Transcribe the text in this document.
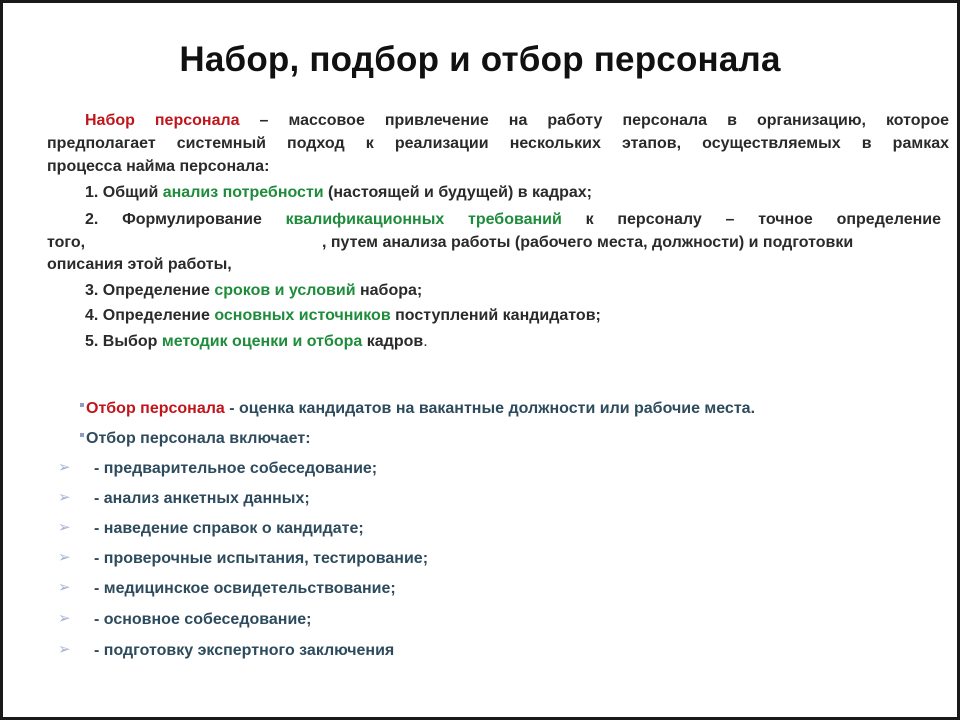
Набор, подбор и отбор персонала
Набор персонала – массовое привлечение на работу персонала в организацию, которое
предполагает системный подход к реализации нескольких этапов, осуществляемых в рамках
процесса найма персонала:
1. Общий анализ потребности (настоящей и будущей) в кадрах;
2. Формулирование квалификационных требований к персоналу – точное определение
того,	, путем анализа работы (рабочего места, должности) и подготовки
описания этой работы,
3. Определение сроков и условий набора;
4. Определение основных источников поступлений кандидатов;
5. Выбор методик оценки и отбора кадров.
Отбор персонала - оценка кандидатов на вакантные должности или рабочие места.
Отбор персонала включает:
➢ - предварительное собеседование;
➢ - анализ анкетных данных;
➢ - наведение справок о кандидате;
➢ - проверочные испытания, тестирование;
➢ - медицинское освидетельствование;
➢ - основное собеседование;
➢ - подготовку экспертного заключения
